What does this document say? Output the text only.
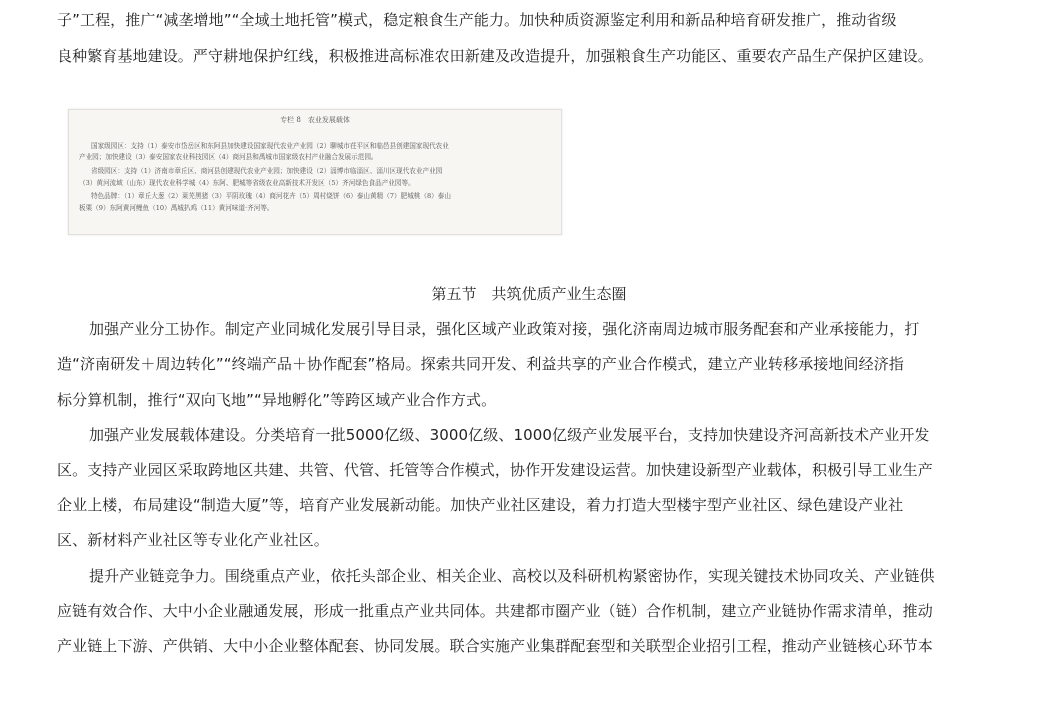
子”工程，推广“减垄增地”“全域土地托管”模式，稳定粮食生产能力。加快种质资源鉴定利用和新品种培育研发推广，推动省级
良种繁育基地建设。严守耕地保护红线，积极推进高标准农田新建及改造提升，加强粮食生产功能区、重要农产品生产保护区建设。
专栏 8　农业发展载体
国家级园区：支持（1）泰安市岱岳区和东阿县加快建设国家现代农业产业园（2）聊城市茌平区和临邑县创建国家现代农业
产业园；加快建设（3）泰安国家农业科技园区（4）商河县和禹城市国家级农村产业融合发展示范园。
省级园区：支持（1）济南市章丘区、商河县创建现代农业产业园；加快建设（2）淄博市临淄区、淄川区现代农业产业园
（3）黄河流域（山东）现代农业科学城（4）东阿、肥城等省级农业高新技术开发区（5）齐河绿色食品产业园等。
特色品牌：（1）章丘大葱（2）莱芜黑猪（3）平阴玫瑰（4）商河花卉（5）周村烧饼（6）泰山黄精（7）肥城桃（8）泰山
板栗（9）东阿黄河鲤鱼（10）禹城扒鸡（11）黄河味道·齐河等。
第五节　共筑优质产业生态圈
加强产业分工协作。制定产业同城化发展引导目录，强化区域产业政策对接，强化济南周边城市服务配套和产业承接能力，打
造“济南研发＋周边转化”“终端产品＋协作配套”格局。探索共同开发、利益共享的产业合作模式，建立产业转移承接地间经济指
标分算机制，推行“双向飞地”“异地孵化”等跨区域产业合作方式。
加强产业发展载体建设。分类培育一批5000亿级、3000亿级、1000亿级产业发展平台，支持加快建设齐河高新技术产业开发
区。支持产业园区采取跨地区共建、共管、代管、托管等合作模式，协作开发建设运营。加快建设新型产业载体，积极引导工业生产
企业上楼，布局建设“制造大厦”等，培育产业发展新动能。加快产业社区建设，着力打造大型楼宇型产业社区、绿色建设产业社
区、新材料产业社区等专业化产业社区。
提升产业链竞争力。围绕重点产业，依托头部企业、相关企业、高校以及科研机构紧密协作，实现关键技术协同攻关、产业链供
应链有效合作、大中小企业融通发展，形成一批重点产业共同体。共建都市圈产业（链）合作机制，建立产业链协作需求清单，推动
产业链上下游、产供销、大中小企业整体配套、协同发展。联合实施产业集群配套型和关联型企业招引工程，推动产业链核心环节本
